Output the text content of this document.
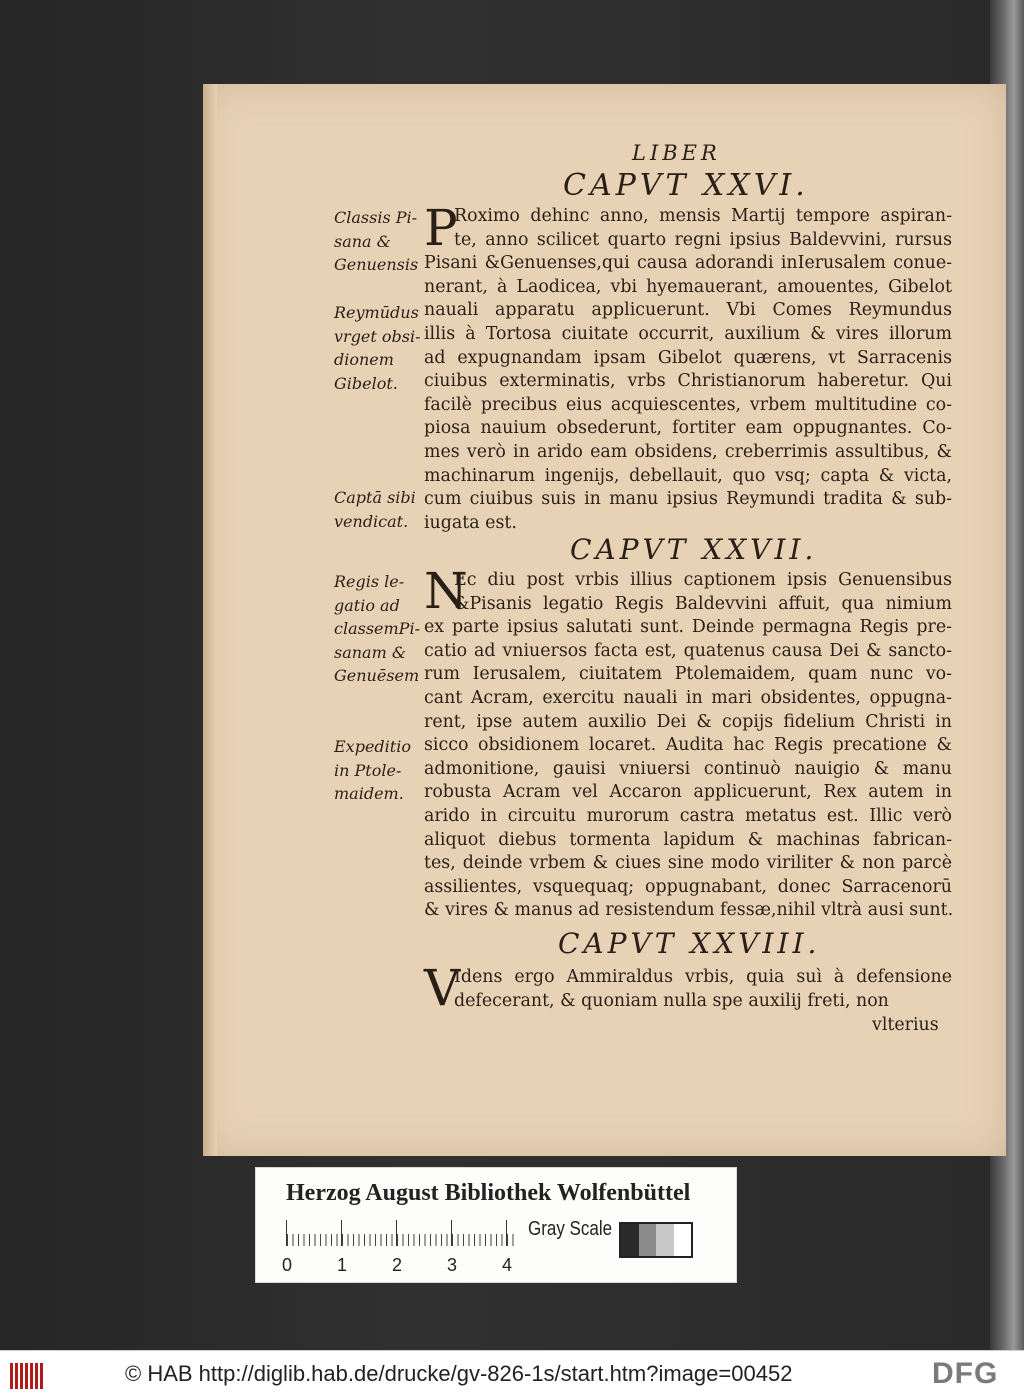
LIBER
CAPVT XXVI.
CAPVT XXVII.
CAPVT XXVIII.
Classis Pi-
sana &
Genuensis
Reymūdus
vrget obsi-
dionem
Gibelot.
Captā sibi
vendicat.
Regis le-
gatio ad
classemPi-
sanam &
Genuēsem
Expeditio
in Ptole-
maidem.
P
N
V
Roximo dehinc anno, mensis Martij tempore aspiran-
te, anno scilicet quarto regni ipsius Baldevvini, rursus
Pisani &Genuenses,qui causa adorandi inIerusalem conue-
nerant, à Laodicea, vbi hyemauerant, amouentes, Gibelot
nauali apparatu applicuerunt. Vbi Comes Reymundus
illis à Tortosa ciuitate occurrit, auxilium & vires illorum
ad expugnandam ipsam Gibelot quærens, vt Sarracenis
ciuibus exterminatis, vrbs Christianorum haberetur. Qui
facilè precibus eius acquiescentes, vrbem multitudine co-
piosa nauium obsederunt, fortiter eam oppugnantes. Co-
mes verò in arido eam obsidens, creberrimis assultibus, &
machinarum ingenijs, debellauit, quo vsq; capta & victa,
cum ciuibus suis in manu ipsius Reymundi tradita & sub-
iugata est.
Ec diu post vrbis illius captionem ipsis Genuensibus
&Pisanis legatio Regis Baldevvini affuit, qua nimium
ex parte ipsius salutati sunt. Deinde permagna Regis pre-
catio ad vniuersos facta est, quatenus causa Dei & sancto-
rum Ierusalem, ciuitatem Ptolemaidem, quam nunc vo-
cant Acram, exercitu nauali in mari obsidentes, oppugna-
rent, ipse autem auxilio Dei & copijs fidelium Christi in
sicco obsidionem locaret. Audita hac Regis precatione &
admonitione, gauisi vniuersi continuò nauigio & manu
robusta Acram vel Accaron applicuerunt, Rex autem in
arido in circuitu murorum castra metatus est. Illic verò
aliquot diebus tormenta lapidum & machinas fabrican-
tes, deinde vrbem & ciues sine modo viriliter & non parcè
assilientes, vsquequaq; oppugnabant, donec Sarracenorū
& vires & manus ad resistendum fessæ,nihil vltrà ausi sunt.
Idens ergo Ammiraldus vrbis, quia suì à defensione
defecerant, & quoniam nulla spe auxilij freti, non
vlterius
Herzog August Bibliothek Wolfenbüttel
0 1 2 3 4
Gray Scale
© HAB http://diglib.hab.de/drucke/gv-826-1s/start.htm?image=00452	DFG
